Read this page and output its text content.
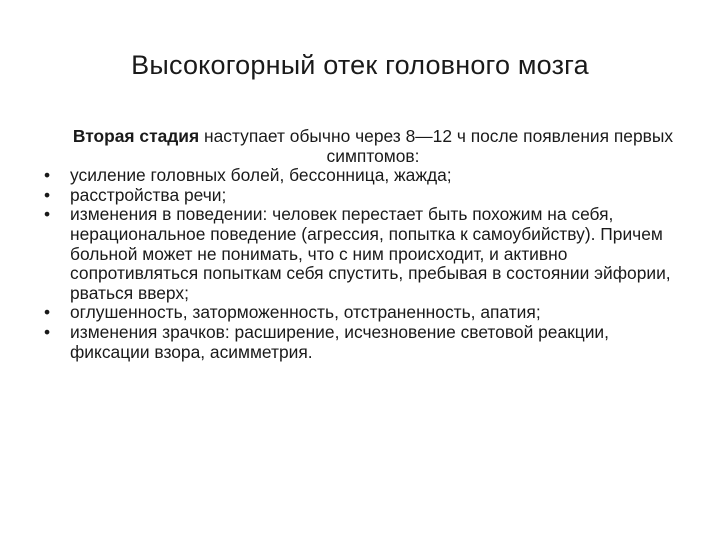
Высокогорный отек головного мозга

Вторая стадия наступает обычно через 8—12 ч после появления первых симптомов:

• усиление головных болей, бессонница, жажда;
• расстройства речи;
• изменения в поведении: человек перестает быть похожим на себя, нерациональное поведение (агрессия, попытка к самоубийству). Причем больной может не понимать, что с ним происходит, и активно сопротивляться попыткам себя спустить, пребывая в состоянии эйфории, рваться вверх;
• оглушенность, заторможенность, отстраненность, апатия;
• изменения зрачков: расширение, исчезновение световой реакции, фиксации взора, асимметрия.
